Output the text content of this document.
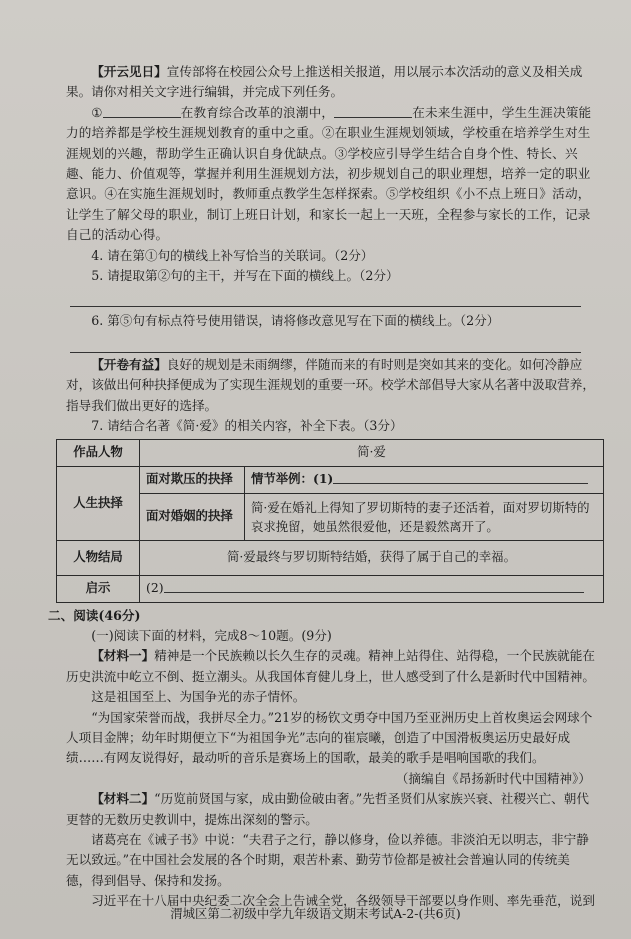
【开云见日】宣传部将在校园公众号上推送相关报道，用以展示本次活动的意义及相关成果。请你对相关文字进行编辑，并完成下列任务。

①	在教育综合改革的浪潮中，	在未来生涯中，学生生涯决策能力的培养都是学校生涯规划教育的重中之重。②在职业生涯规划领域，学校重在培养学生对生涯规划的兴趣，帮助学生正确认识自身优缺点。③学校应引导学生结合自身个性、特长、兴趣、能力、价值观等，掌握并利用生涯规划方法，初步规划自己的职业理想，培养一定的职业意识。④在实施生涯规划时，教师重点教学生怎样探索。⑤学校组织《小不点上班日》活动，让学生了解父母的职业，制订上班日计划，和家长一起上一天班，全程参与家长的工作，记录自己的活动心得。

4. 请在第①句的横线上补写恰当的关联词。（2分）

5. 请提取第②句的主干，并写在下面的横线上。（2分）

6. 第⑤句有标点符号使用错误，请将修改意见写在下面的横线上。（2分）

【开卷有益】良好的规划是未雨绸缪，伴随而来的有时则是突如其来的变化。如何冷静应对，该做出何种抉择便成为了实现生涯规划的重要一环。校学术部倡导大家从名著中汲取营养，指导我们做出更好的选择。

7. 请结合名著《简·爱》的相关内容，补全下表。（3分）

作品人物	简·爱	
人生抉择	面对欺压的抉择	情节举例：(1)
	面对婚姻的抉择	简·爱在婚礼上得知了罗切斯特的妻子还活着，面对罗切斯特的哀求挽留，她虽然很爱他，还是毅然离开了。
人物结局	简·爱最终与罗切斯特结婚，获得了属于自己的幸福。	
启示	(2)	

二、阅读(46分)

(一)阅读下面的材料，完成8～10题。(9分)

【材料一】精神是一个民族赖以长久生存的灵魂。精神上站得住、站得稳，一个民族就能在历史洪流中屹立不倒、挺立潮头。从我国体育健儿身上，世人感受到了什么是新时代中国精神。

这是祖国至上、为国争光的赤子情怀。

“为国家荣誉而战，我拼尽全力。”21岁的杨钦文勇夺中国乃至亚洲历史上首枚奥运会网球个人项目金牌；幼年时期便立下“为祖国争光”志向的崔宸曦，创造了中国滑板奥运历史最好成绩……有网友说得好，最动听的音乐是赛场上的国歌，最美的歌手是唱响国歌的我们。

（摘编自《昂扬新时代中国精神》）

【材料二】“历览前贤国与家，成由勤俭破由奢。”先哲圣贤们从家族兴衰、社稷兴亡、朝代更替的无数历史教训中，提炼出深刻的警示。

诸葛亮在《诫子书》中说：“夫君子之行，静以修身，俭以养德。非淡泊无以明志，非宁静无以致远。”在中国社会发展的各个时期，艰苦朴素、勤劳节俭都是被社会普遍认同的传统美德，得到倡导、保持和发扬。

习近平在十八届中央纪委二次全会上告诫全党，各级领导干部要以身作则、率先垂范，说到

渭城区第二初级中学九年级语文期末考试A-2-(共6页)
